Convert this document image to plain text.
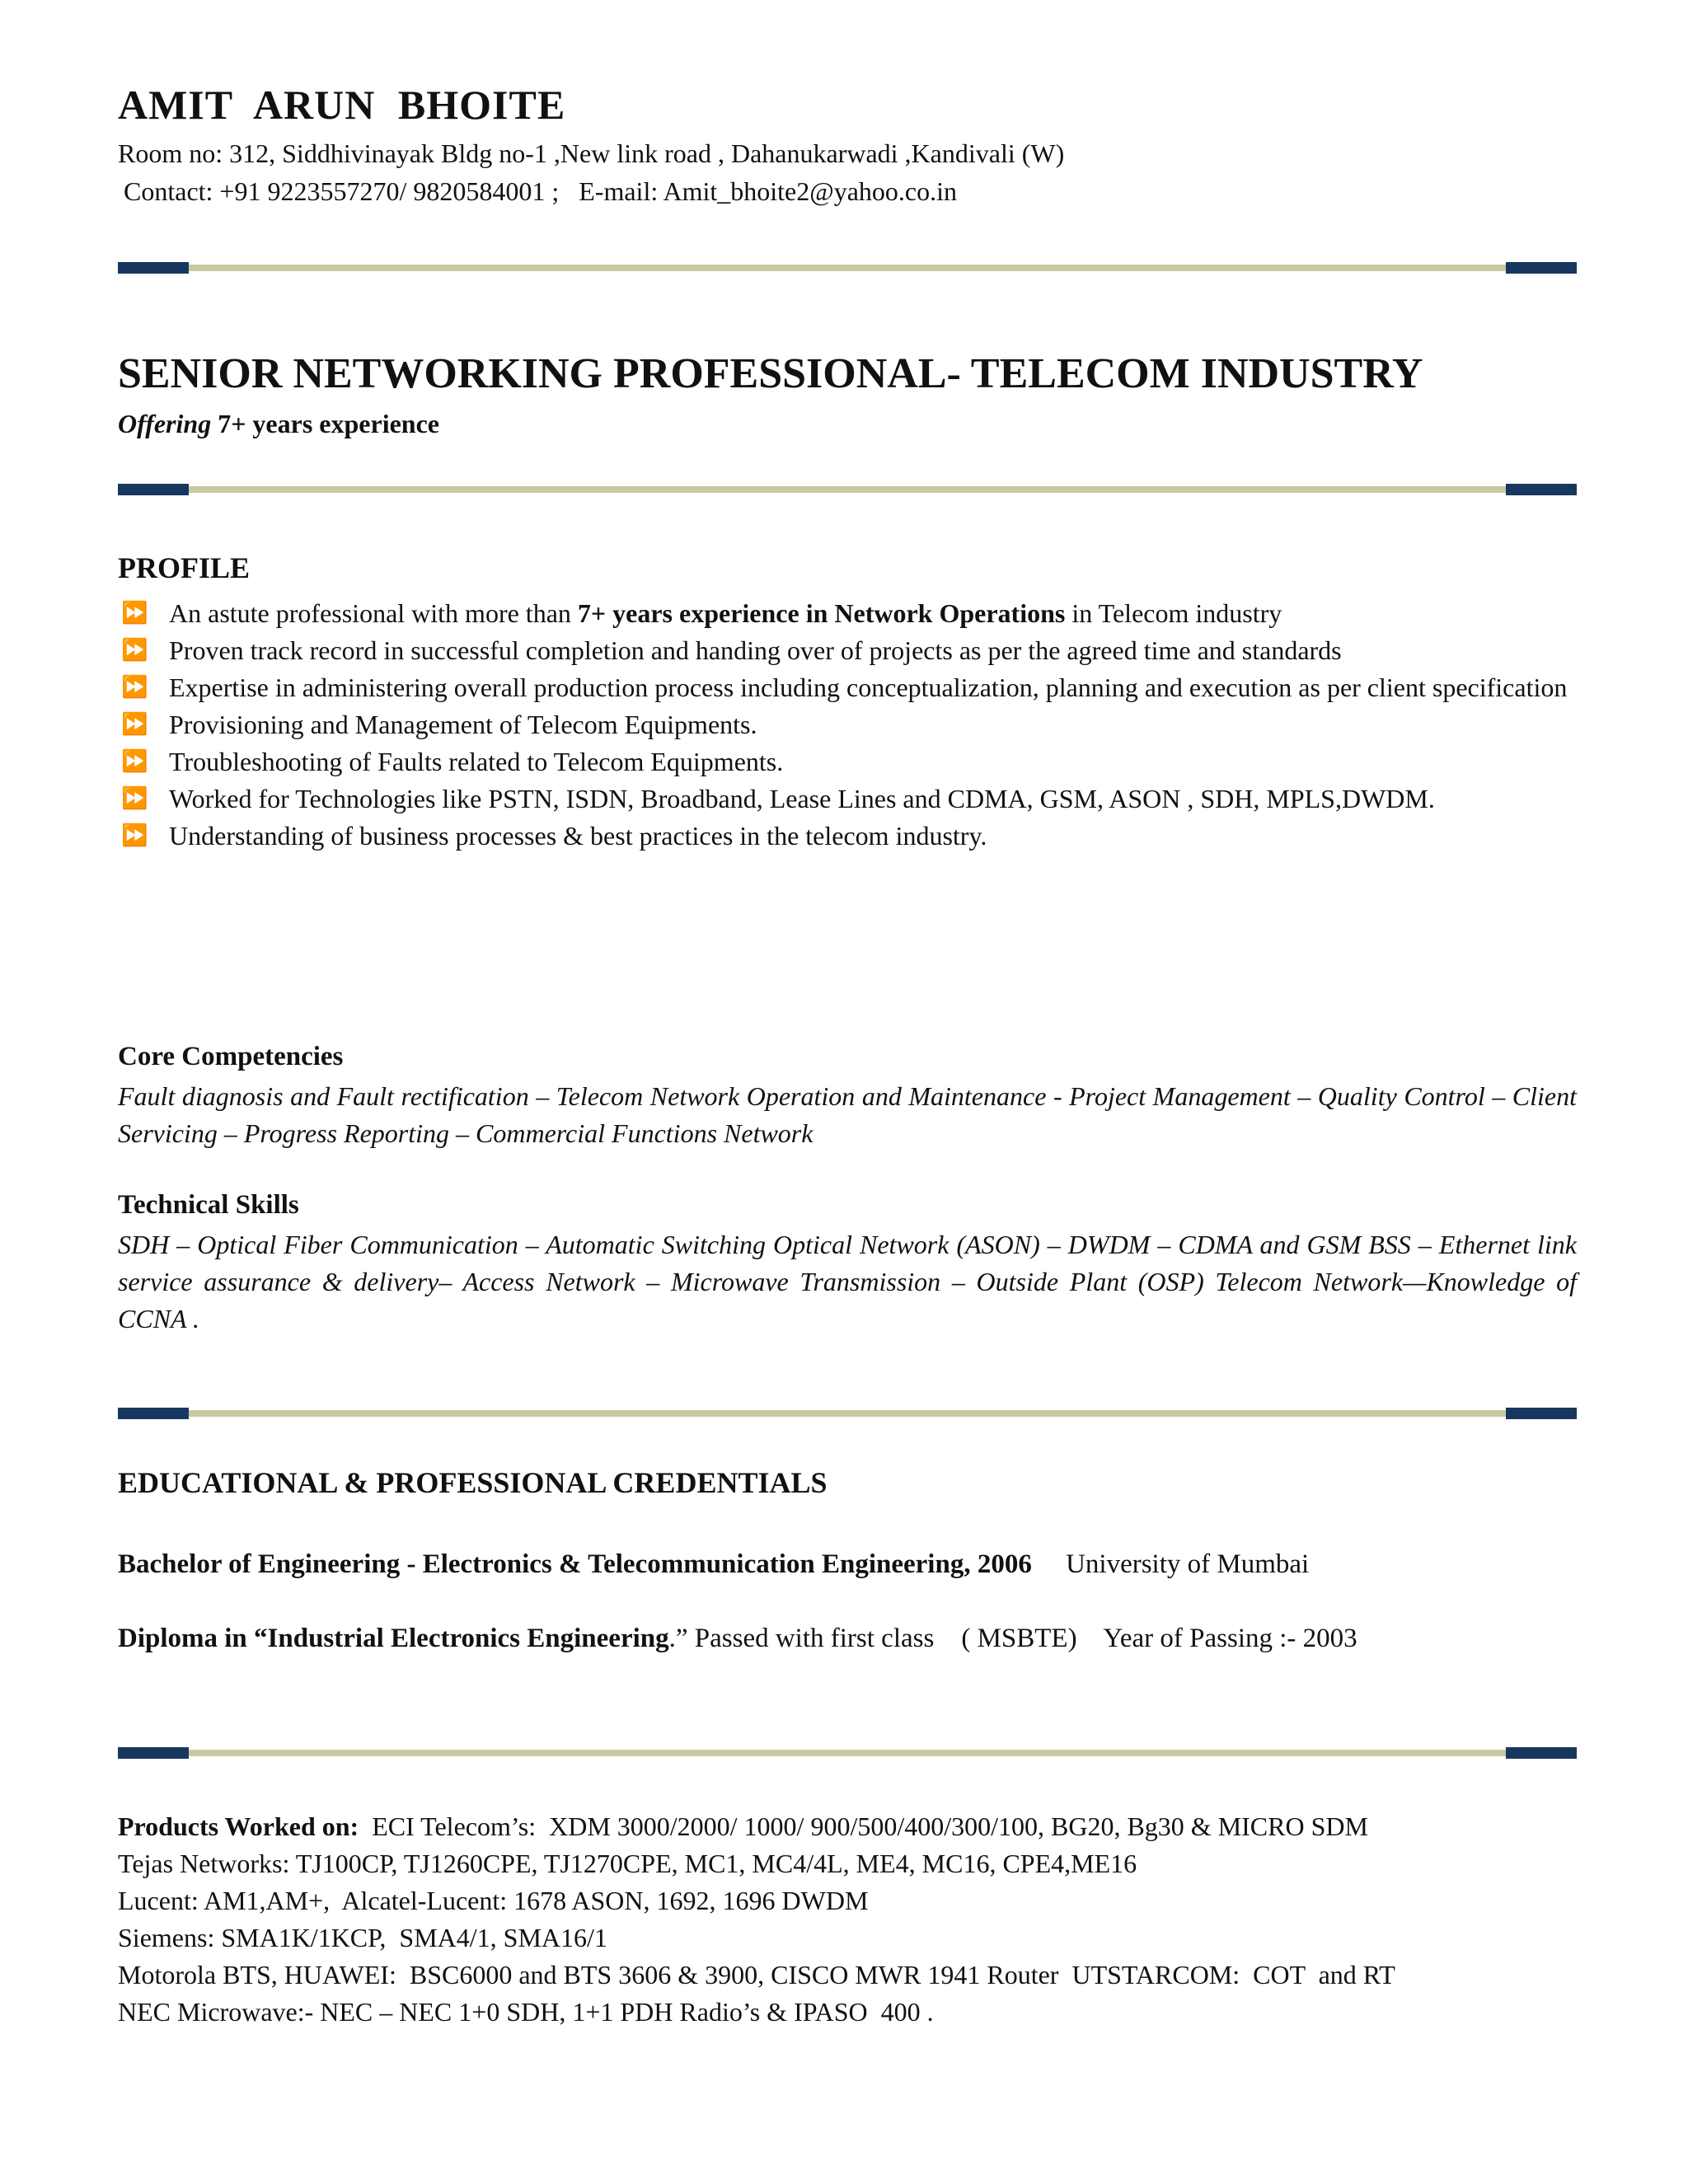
AMIT ARUN BHOITE
Room no: 312, Siddhivinayak Bldg no-1 ,New link road , Dahanukarwadi ,Kandivali (W)
Contact: +91 9223557270/ 9820584001 ;   E-mail: Amit_bhoite2@yahoo.co.in
SENIOR NETWORKING PROFESSIONAL- TELECOM INDUSTRY
Offering 7+ years experience
PROFILE
⏩ An astute professional with more than 7+ years experience in Network Operations in Telecom industry
⏩ Proven track record in successful completion and handing over of projects as per the agreed time and standards
⏩ Expertise in administering overall production process including conceptualization, planning and execution as per client specification
⏩ Provisioning and Management of Telecom Equipments.
⏩ Troubleshooting of Faults related to Telecom Equipments.
⏩ Worked for Technologies like PSTN, ISDN, Broadband, Lease Lines and CDMA, GSM, ASON , SDH, MPLS,DWDM.
⏩ Understanding of business processes & best practices in the telecom industry.
Core Competencies

Fault diagnosis and Fault rectification – Telecom Network Operation and Maintenance - Project Management – Quality Control – Client Servicing – Progress Reporting – Commercial Functions Network

Technical Skills

SDH – Optical Fiber Communication – Automatic Switching Optical Network (ASON) – DWDM – CDMA and GSM BSS – Ethernet link service assurance & delivery– Access Network – Microwave Transmission – Outside Plant (OSP) Telecom Network—Knowledge of CCNA .

EDUCATIONAL & PROFESSIONAL CREDENTIALS
Bachelor of Engineering - Electronics & Telecommunication Engineering, 2006     University of Mumbai
Diploma in “Industrial Electronics Engineering.” Passed with first class    ( MSBTE)    Year of Passing :- 2003
Products Worked on:  ECI Telecom’s:  XDM 3000/2000/ 1000/ 900/500/400/300/100, BG20, Bg30 & MICRO SDM
Tejas Networks: TJ100CP, TJ1260CPE, TJ1270CPE, MC1, MC4/4L, ME4, MC16, CPE4,ME16
Lucent: AM1,AM+,  Alcatel-Lucent: 1678 ASON, 1692, 1696 DWDM
Siemens: SMA1K/1KCP,  SMA4/1, SMA16/1
Motorola BTS, HUAWEI:  BSC6000 and BTS 3606 & 3900, CISCO MWR 1941 Router  UTSTARCOM:  COT  and RT
NEC Microwave:- NEC – NEC 1+0 SDH, 1+1 PDH Radio’s & IPASO  400 .
